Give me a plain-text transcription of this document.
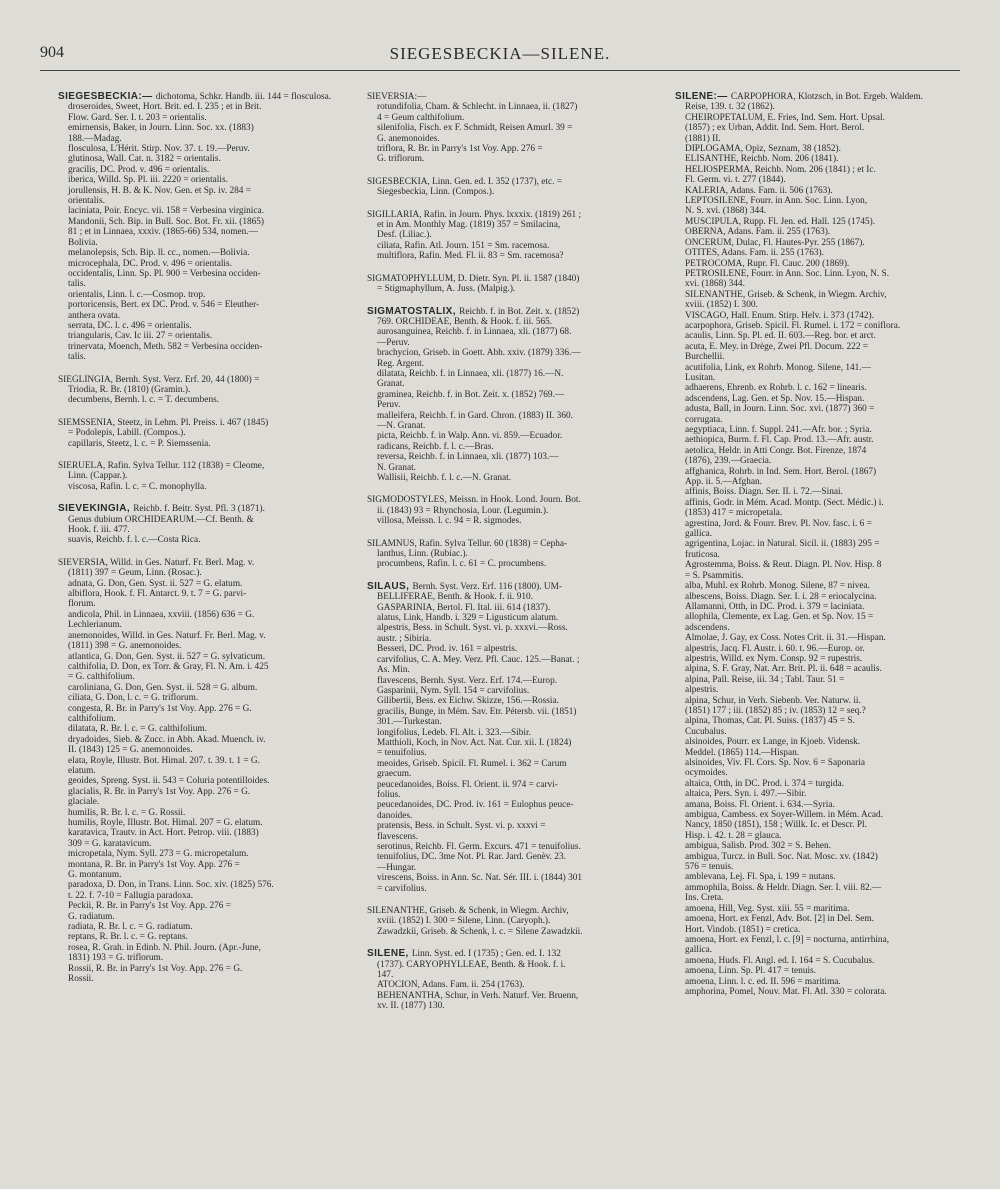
904	SIEGESBECKIA—SILENE.
SIEGESBECKIA:— dichotoma, Schkr. Handb. iii. 144 = flosculosa.
droseroides, Sweet, Hort. Brit. ed. I. 235 ; et in Brit.
Flow. Gard. Ser. I. t. 203 = orientalis.
emirnensis, Baker, in Journ. Linn. Soc. xx. (1883)
188.—Madag.
flosculosa, L'Hérit. Stirp. Nov. 37. t. 19.—Peruv.
glutinosa, Wall. Cat. n. 3182 = orientalis.
gracilis, DC. Prod. v. 496 = orientalis.
iberica, Willd. Sp. Pl. iii. 2220 = orientalis.
jorullensis, H. B. & K. Nov. Gen. et Sp. iv. 284 =
orientalis.
laciniata, Poir. Encyc. vii. 158 = Verbesina virginica.
Mandonii, Sch. Bip. in Bull. Soc. Bot. Fr. xii. (1865)
81 ; et in Linnaea, xxxiv. (1865-66) 534, nomen.—
Bolivia.
melanolepsis, Sch. Bip. ll. cc., nomen.—Bolivia.
microcephala, DC. Prod. v. 496 = orientalis.
occidentalis, Linn. Sp. Pl. 900 = Verbesina occiden-
talis.
orientalis, Linn. l. c.—Cosmop. trop.
portoricensis, Bert. ex DC. Prod. v. 546 = Eleuther-
anthera ovata.
serrata, DC. l. c. 496 = orientalis.
triangularis, Cav. Ic iii. 27 = orientalis.
trinervata, Moench, Meth. 582 = Verbesina occiden-
talis.
SIEGLINGIA, Bernh. Syst. Verz. Erf. 20, 44 (1800) =
Triodia, R. Br. (1810) (Gramin.).
decumbens, Bernh. l. c. = T. decumbens.
SIEMSSENIA, Steetz, in Lehm. Pl. Preiss. i. 467 (1845)
= Podolepis, Labill. (Compos.).
capillaris, Steetz, l. c. = P. Siemssenia.
SIERUELA, Rafin. Sylva Tellur. 112 (1838) = Cleome,
Linn. (Cappar.).
viscosa, Rafin. l. c. = C. monophylla.
SIEVEKINGIA, Reichb. f. Beitr. Syst. Pfl. 3 (1871).
Genus dubium ORCHIDEARUM.—Cf. Benth. &
Hook. f. iii. 477.
suavis, Reichb. f. l. c.—Costa Rica.
SIEVERSIA, Willd. in Ges. Naturf. Fr. Berl. Mag. v.
(1811) 397 = Geum, Linn. (Rosac.).
adnata, G. Don, Gen. Syst. ii. 527 = G. elatum.
albiflora, Hook. f. Fl. Antarct. 9. t. 7 = G. parvi-
florum.
andicola, Phil. in Linnaea, xxviii. (1856) 636 = G.
Lechlerianum.
anemonoides, Willd. in Ges. Naturf. Fr. Berl. Mag. v.
(1811) 398 = G. anemonoides.
atlantica, G. Don, Gen. Syst. ii. 527 = G. sylvaticum.
calthifolia, D. Don, ex Torr. & Gray, Fl. N. Am. i. 425
= G. calthifolium.
caroliniana, G. Don, Gen. Syst. ii. 528 = G. album.
ciliata, G. Don, l. c. = G. triflorum.
congesta, R. Br. in Parry's 1st Voy. App. 276 = G.
calthifolium.
dilatata, R. Br. l. c. = G. calthifolium.
dryadoides, Sieb. & Zucc. in Abh. Akad. Muench. iv.
II. (1843) 125 = G. anemonoides.
elata, Royle, Illustr. Bot. Himal. 207. t. 39. t. 1 = G.
elatum.
geoides, Spreng. Syst. ii. 543 = Coluria potentilloides.
glacialis, R. Br. in Parry's 1st Voy. App. 276 = G.
glaciale.
humilis, R. Br. l. c. = G. Rossii.
humilis, Royle, Illustr. Bot. Himal. 207 = G. elatum.
karatavica, Trautv. in Act. Hort. Petrop. viii. (1883)
309 = G. karatavicum.
micropetala, Nym. Syll. 273 = G. micropetalum.
montana, R. Br. in Parry's 1st Voy. App. 276 =
G. montanum.
paradoxa, D. Don, in Trans. Linn. Soc. xiv. (1825) 576.
t. 22. f. 7-10 = Fallugia paradoxa.
Peckii, R. Br. in Parry's 1st Voy. App. 276 =
G. radiatum.
radiata, R. Br. l. c. = G. radiatum.
reptans, R. Br. l. c. = G. reptans.
rosea, R. Grah. in Edinb. N. Phil. Journ. (Apr.-June,
1831) 193 = G. triflorum.
Rossii, R. Br. in Parry's 1st Voy. App. 276 = G.
Rossii.
SIEVERSIA:—
rotundifolia, Cham. & Schlecht. in Linnaea, ii. (1827)
4 = Geum calthifolium.
silenifolia, Fisch. ex F. Schmidt, Reisen Amurl. 39 =
G. anemonoides.
triflora, R. Br. in Parry's 1st Voy. App. 276 =
G. triflorum.
SIGESBECKIA, Linn. Gen. ed. I. 352 (1737), etc. =
Siegesbeckia, Linn. (Compos.).
SIGILLARIA, Rafin. in Journ. Phys. lxxxix. (1819) 261 ;
et in Am. Monthly Mag. (1819) 357 = Smilacina,
Desf. (Liliac.).
ciliata, Rafin. Atl. Journ. 151 = Sm. racemosa.
multiflora, Rafin. Med. Fl. ii. 83 = Sm. racemosa?
SIGMATOPHYLLUM, D. Dietr. Syn. Pl. ii. 1587 (1840)
= Stigmaphyllum, A. Juss. (Malpig.).
SIGMATOSTALIX, Reichb. f. in Bot. Zeit. x. (1852)
769. ORCHIDEAE, Benth. & Hook. f. iii. 565.
aurosanguinea, Reichb. f. in Linnaea, xli. (1877) 68.
—Peruv.
brachycion, Griseb. in Goett. Abh. xxiv. (1879) 336.—
Reg. Argent.
dilatata, Reichb. f. in Linnaea, xli. (1877) 16.—N.
Granat.
graminea, Reichb. f. in Bot. Zeit. x. (1852) 769.—
Peruv.
malleifera, Reichb. f. in Gard. Chron. (1883) II. 360.
—N. Granat.
picta, Reichb. f. in Walp. Ann. vi. 859.—Ecuador.
radicans, Reichb. f. l. c.—Bras.
reversa, Reichb. f. in Linnaea, xli. (1877) 103.—
N. Granat.
Wallisii, Reichb. f. l. c.—N. Granat.
SIGMODOSTYLES, Meissn. in Hook. Lond. Journ. Bot.
ii. (1843) 93 = Rhynchosia, Lour. (Legumin.).
villosa, Meissn. l. c. 94 = R. sigmodes.
SILAMNUS, Rafin. Sylva Tellur. 60 (1838) = Cepha-
lanthus, Linn. (Rubiac.).
procumbens, Rafin. l. c. 61 = C. procumbens.
SILAUS, Bernh. Syst. Verz. Erf. 116 (1800). UM-
BELLIFERAE, Benth. & Hook. f. ii. 910.
GASPARINIA, Bertol. Fl. Ital. iii. 614 (1837).
alatus, Link, Handb. i. 329 = Ligusticum alatum.
alpestris, Bess. in Schult. Syst. vi. p. xxxvi.—Ross.
austr. ; Sibiria.
Besseri, DC. Prod. iv. 161 = alpestris.
carvifolius, C. A. Mey. Verz. Pfl. Cauc. 125.—Banat. ;
As. Min.
flavescens, Bernh. Syst. Verz. Erf. 174.—Europ.
Gasparinii, Nym. Syll. 154 = carvifolius.
Gilibertii, Bess. ex Eichw. Skizze, 156.—Rossia.
gracilis, Bunge, in Mém. Sav. Etr. Pétersb. vii. (1851)
301.—Turkestan.
longifolius, Ledeb. Fl. Alt. i. 323.—Sibir.
Matthioli, Koch, in Nov. Act. Nat. Cur. xii. I. (1824)
= tenuifolius.
meoides, Griseb. Spicil. Fl. Rumel. i. 362 = Carum
graecum.
peucedanoides, Boiss. Fl. Orient. ii. 974 = carvi-
folius.
peucedanoides, DC. Prod. iv. 161 = Eulophus peuce-
danoides.
pratensis, Bess. in Schult. Syst. vi. p. xxxvi =
flavescens.
serotinus, Reichb. Fl. Germ. Excurs. 471 = tenuifolius.
tenuifolius, DC. 3me Not. Pl. Rar. Jard. Genèv. 23.
—Hungar.
virescens, Boiss. in Ann. Sc. Nat. Sér. III. i. (1844) 301
= carvifolius.
SILENANTHE, Griseb. & Schenk, in Wiegm. Archiv,
xviii. (1852) I. 300 = Silene, Linn. (Caryoph.).
Zawadzkii, Griseb. & Schenk, l. c. = Silene Zawadzkii.
SILENE, Linn. Syst. ed. I (1735) ; Gen. ed. I. 132
(1737). CARYOPHYLLEAE, Benth. & Hook. f. i.
147.
ATOCION, Adans. Fam. ii. 254 (1763).
BEHENANTHA, Schur, in Verh. Naturf. Ver. Bruenn,
xv. II. (1877) 130.
SILENE:— CARPOPHORA, Klotzsch, in Bot. Ergeb. Waldem.
Reise, 139. t. 32 (1862).
CHEIROPETALUM, E. Fries, Ind. Sem. Hort. Upsal.
(1857) ; ex Urban, Addit. Ind. Sem. Hort. Berol.
(1881) II.
DIPLOGAMA, Opiz, Seznam, 38 (1852).
ELISANTHE, Reichb. Nom. 206 (1841).
HELIOSPERMA, Reichb. Nom. 206 (1841) ; et Ic.
Fl. Germ. vi. t. 277 (1844).
KALERIA, Adans. Fam. ii. 506 (1763).
LEPTOSILENE, Fourr. in Ann. Soc. Linn. Lyon,
N. S. xvi. (1868) 344.
MUSCIPULA, Rupp. Fl. Jen. ed. Hall. 125 (1745).
OBERNA, Adans. Fam. ii. 255 (1763).
ONCERUM, Dulac, Fl. Hautes-Pyr. 255 (1867).
OTITES, Adans. Fam. ii. 255 (1763).
PETROCOMA, Rupr. Fl. Cauc. 200 (1869).
PETROSILENE, Fourr. in Ann. Soc. Linn. Lyon, N. S.
xvi. (1868) 344.
SILENANTHE, Griseb. & Schenk, in Wiegm. Archiv,
xviii. (1852) I. 300.
VISCAGO, Hall. Enum. Stirp. Helv. i. 373 (1742).
acarpophora, Griseb. Spicil. Fl. Rumel. i. 172 = coniflora.
acaulis, Linn. Sp. Pl. ed. II. 603.—Reg. bor. et arct.
acuta, E. Mey. in Drège, Zwei Pfl. Docum. 222 =
Burchellii.
acutifolia, Link, ex Rohrb. Monog. Silene, 141.—
Lusitan.
adhaerens, Ehrenb. ex Rohrb. l. c. 162 = linearis.
adscendens, Lag. Gen. et Sp. Nov. 15.—Hispan.
adusta, Ball, in Journ. Linn. Soc. xvi. (1877) 360 =
corrugata.
aegyptiaca, Linn. f. Suppl. 241.—Afr. bor. ; Syria.
aethiopica, Burm. f. Fl. Cap. Prod. 13.—Afr. austr.
aetolica, Heldr. in Atti Congr. Bot. Firenze, 1874
(1876), 239.—Graecia.
affghanica, Rohrb. in Ind. Sem. Hort. Berol. (1867)
App. ii. 5.—Afghan.
affinis, Boiss. Diagn. Ser. II. i. 72.—Sinai.
affinis, Godr. in Mém. Acad. Montp. (Sect. Médic.) i.
(1853) 417 = micropetala.
agrestina, Jord. & Fourr. Brev. Pl. Nov. fasc. i. 6 =
gallica.
agrigentina, Lojac. in Natural. Sicil. ii. (1883) 295 =
fruticosa.
Agrostemma, Boiss. & Reut. Diagn. Pl. Nov. Hisp. 8
= S. Psammitis.
alba, Muhl. ex Rohrb. Monog. Silene, 87 = nivea.
albescens, Boiss. Diagn. Ser. I. i. 28 = eriocalycina.
Allamanni, Otth, in DC. Prod. i. 379 = laciniata.
allophila, Clemente, ex Lag. Gen. et Sp. Nov. 15 =
adscendens.
Almolae, J. Gay, ex Coss. Notes Crit. ii. 31.—Hispan.
alpestris, Jacq. Fl. Austr. i. 60. t. 96.—Europ. or.
alpestris, Willd. ex Nym. Consp. 92 = rupestris.
alpina, S. F. Gray, Nat. Arr. Brit. Pl. ii. 648 = acaulis.
alpina, Pall. Reise, iii. 34 ; Tabl. Taur. 51 =
alpestris.
alpina, Schur, in Verh. Siebenb. Ver. Naturw. ii.
(1851) 177 ; iii. (1852) 85 ; iv. (1853) 12 = seq.?
alpina, Thomas, Cat. Pl. Suiss. (1837) 45 = S.
Cucubalus.
alsinoides, Pourr. ex Lange, in Kjoeb. Vidensk.
Meddel. (1865) 114.—Hispan.
alsinoides, Viv. Fl. Cors. Sp. Nov. 6 = Saponaria
ocymoides.
altaica, Otth, in DC. Prod. i. 374 = turgida.
altaica, Pers. Syn. i. 497.—Sibir.
amana, Boiss. Fl. Orient. i. 634.—Syria.
ambigua, Cambess. ex Soyer-Willem. in Mém. Acad.
Nancy, 1850 (1851), 158 ; Willk. Ic. et Descr. Pl.
Hisp. i. 42. t. 28 = glauca.
ambigua, Salisb. Prod. 302 = S. Behen.
ambigua, Turcz. in Bull. Soc. Nat. Mosc. xv. (1842)
576 = tenuis.
amblevana, Lej. Fl. Spa, i. 199 = nutans.
ammophila, Boiss. & Heldr. Diagn. Ser. I. viii. 82.—
Ins. Creta.
amoena, Hill, Veg. Syst. xiii. 55 = maritima.
amoena, Hort. ex Fenzl, Adv. Bot. [2] in Del. Sem.
Hort. Vindob. (1851) = cretica.
amoena, Hort. ex Fenzl, l. c. [9] = nocturna, antirrhina,
gallica.
amoena, Huds. Fl. Angl. ed. I. 164 = S. Cucubalus.
amoena, Linn. Sp. Pl. 417 = tenuis.
amoena, Linn. l. c. ed. II. 596 = maritima.
amphorina, Pomel, Nouv. Mat. Fl. Atl. 330 = colorata.
